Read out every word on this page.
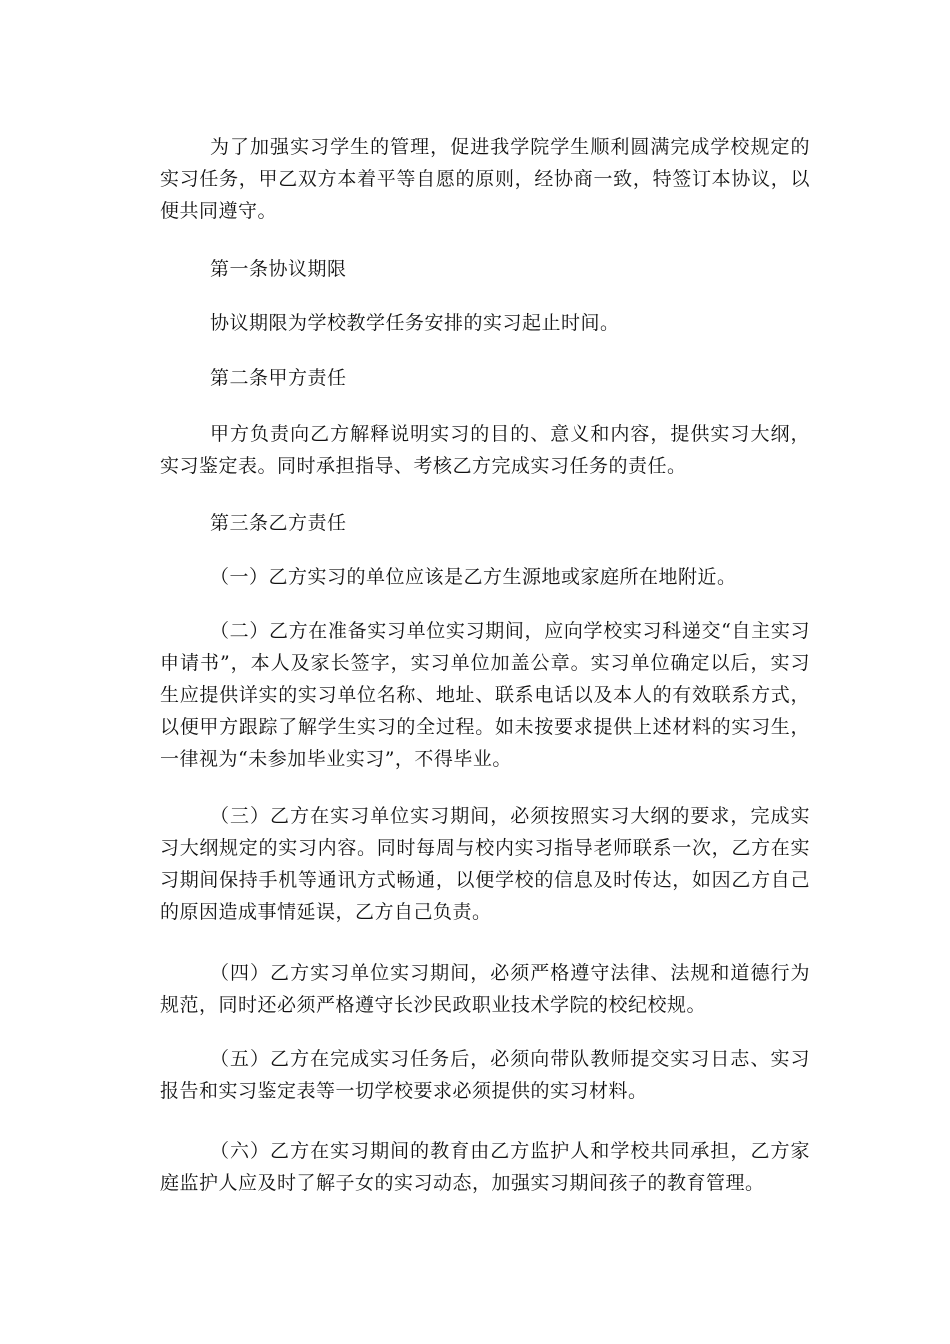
为了加强实习学生的管理，促进我学院学生顺利圆满完成学校规定的实习任务，甲乙双方本着平等自愿的原则，经协商一致，特签订本协议，以便共同遵守。

第一条协议期限

协议期限为学校教学任务安排的实习起止时间。

第二条甲方责任

甲方负责向乙方解释说明实习的目的、意义和内容，提供实习大纲，实习鉴定表。同时承担指导、考核乙方完成实习任务的责任。

第三条乙方责任

（一）乙方实习的单位应该是乙方生源地或家庭所在地附近。

（二）乙方在准备实习单位实习期间，应向学校实习科递交“自主实习申请书”，本人及家长签字，实习单位加盖公章。实习单位确定以后，实习生应提供详实的实习单位名称、地址、联系电话以及本人的有效联系方式，以便甲方跟踪了解学生实习的全过程。如未按要求提供上述材料的实习生，一律视为“未参加毕业实习”，不得毕业。

（三）乙方在实习单位实习期间，必须按照实习大纲的要求，完成实习大纲规定的实习内容。同时每周与校内实习指导老师联系一次，乙方在实习期间保持手机等通讯方式畅通，以便学校的信息及时传达，如因乙方自己的原因造成事情延误，乙方自己负责。

（四）乙方实习单位实习期间，必须严格遵守法律、法规和道德行为规范，同时还必须严格遵守长沙民政职业技术学院的校纪校规。

（五）乙方在完成实习任务后，必须向带队教师提交实习日志、实习报告和实习鉴定表等一切学校要求必须提供的实习材料。

（六）乙方在实习期间的教育由乙方监护人和学校共同承担，乙方家庭监护人应及时了解子女的实习动态，加强实习期间孩子的教育管理。
